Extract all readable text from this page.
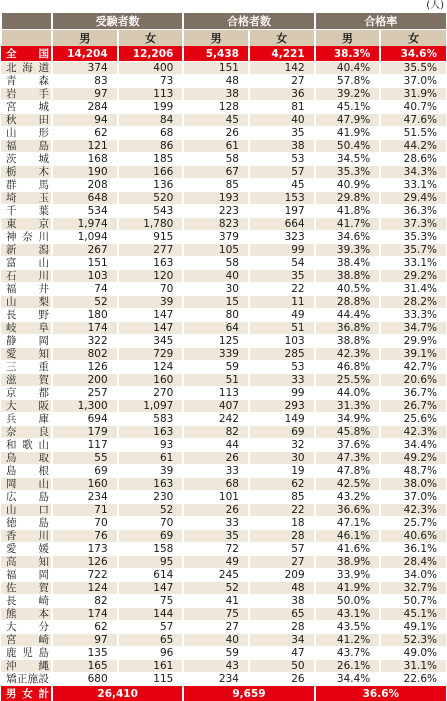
(人)
	受験者数		合格者数		合格率	
	男	女	男	女	男	女
全　国	14,204	12,206	5,438	4,221	38.3%	34.6%
北海道	374	400	151	142	40.4%	35.5%
青　森	83	73	48	27	57.8%	37.0%
岩　手	97	113	38	36	39.2%	31.9%
宮　城	284	199	128	81	45.1%	40.7%
秋　田	94	84	45	40	47.9%	47.6%
山　形	62	68	26	35	41.9%	51.5%
福　島	121	86	61	38	50.4%	44.2%
茨　城	168	185	58	53	34.5%	28.6%
栃　木	190	166	67	57	35.3%	34.3%
群　馬	208	136	85	45	40.9%	33.1%
埼　玉	648	520	193	153	29.8%	29.4%
千　葉	534	543	223	197	41.8%	36.3%
東　京	1,974	1,780	823	664	41.7%	37.3%
神奈川	1,094	915	379	323	34.6%	35.3%
新　潟	267	277	105	99	39.3%	35.7%
富　山	151	163	58	54	38.4%	33.1%
石　川	103	120	40	35	38.8%	29.2%
福　井	74	70	30	22	40.5%	31.4%
山　梨	52	39	15	11	28.8%	28.2%
長　野	180	147	80	49	44.4%	33.3%
岐　阜	174	147	64	51	36.8%	34.7%
静　岡	322	345	125	103	38.8%	29.9%
愛　知	802	729	339	285	42.3%	39.1%
三　重	126	124	59	53	46.8%	42.7%
滋　賀	200	160	51	33	25.5%	20.6%
京　都	257	270	113	99	44.0%	36.7%
大　阪	1,300	1,097	407	293	31.3%	26.7%
兵　庫	694	583	242	149	34.9%	25.6%
奈　良	179	163	82	69	45.8%	42.3%
和歌山	117	93	44	32	37.6%	34.4%
鳥　取	55	61	26	30	47.3%	49.2%
島　根	69	39	33	19	47.8%	48.7%
岡　山	160	163	68	62	42.5%	38.0%
広　島	234	230	101	85	43.2%	37.0%
山　口	71	52	26	22	36.6%	42.3%
徳　島	70	70	33	18	47.1%	25.7%
香　川	76	69	35	28	46.1%	40.6%
愛　媛	173	158	72	57	41.6%	36.1%
高　知	126	95	49	27	38.9%	28.4%
福　岡	722	614	245	209	33.9%	34.0%
佐　賀	124	147	52	48	41.9%	32.7%
長　崎	82	75	41	38	50.0%	50.7%
熊　本	174	144	75	65	43.1%	45.1%
大　分	62	57	27	28	43.5%	49.1%
宮　崎	97	65	40	34	41.2%	52.3%
鹿児島	135	96	59	47	43.7%	49.0%
沖　縄	165	161	43	50	26.1%	31.1%
矯正施設	680	115	234	26	34.4%	22.6%
男女計	26,410		9,659		36.6%	
